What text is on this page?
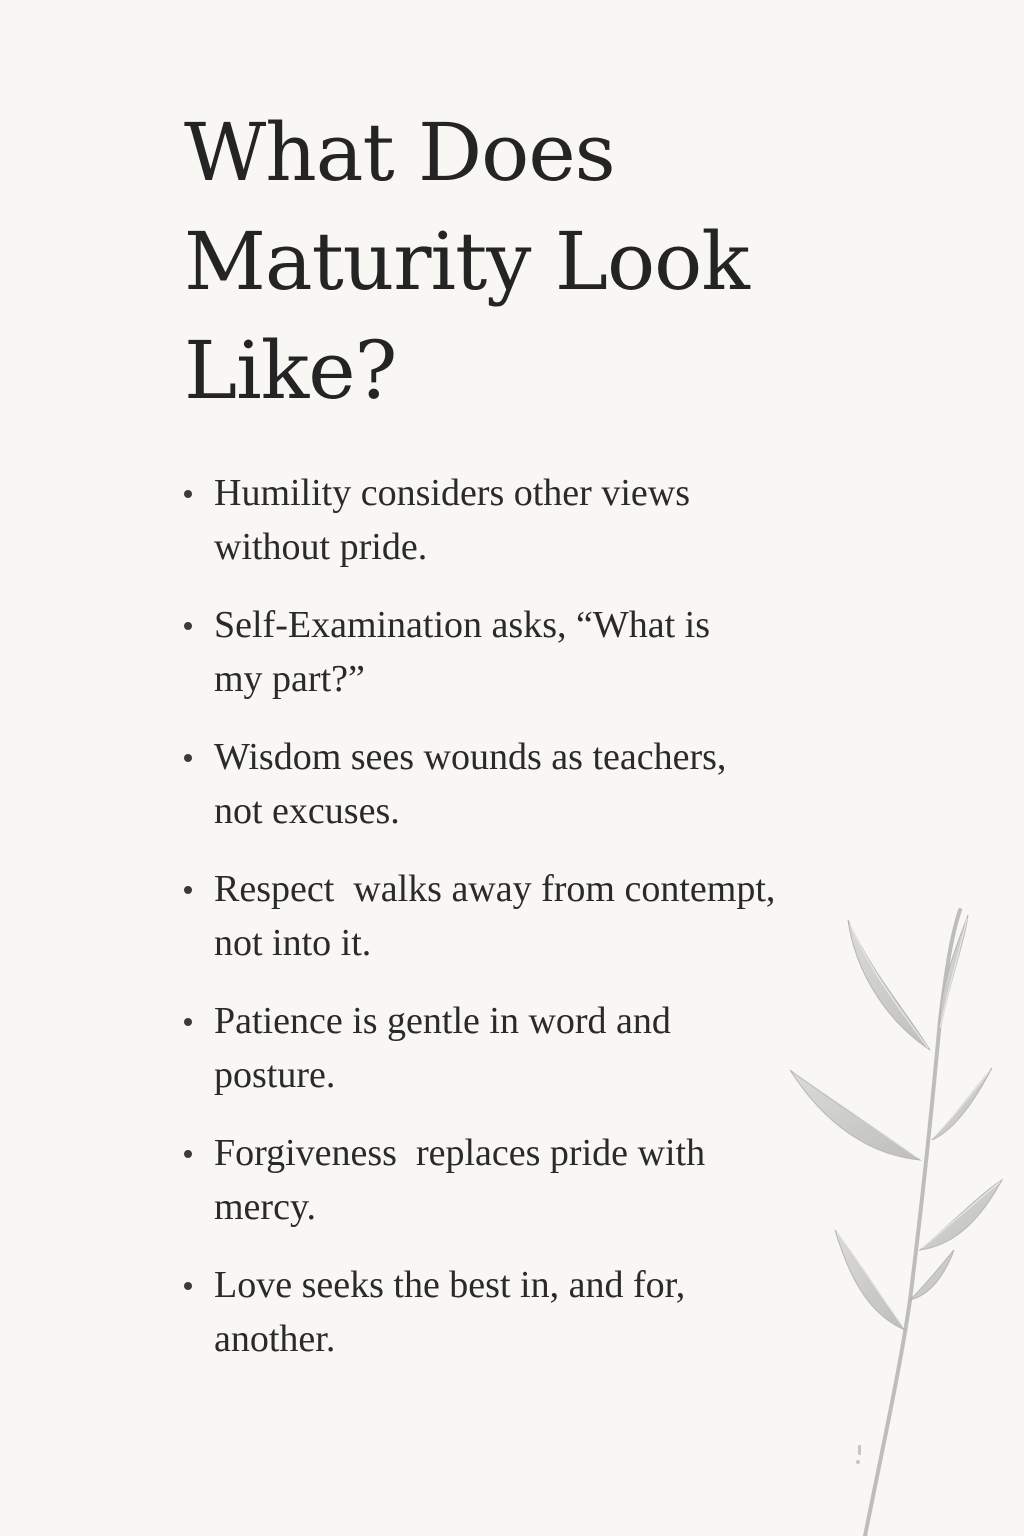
What Does
Maturity Look
Like?
Humility considers other views
without pride.
Self-Examination asks, “What is
my part?”
Wisdom sees wounds as teachers,
not excuses.
Respect  walks away from contempt,
not into it.
Patience is gentle in word and
posture.
Forgiveness  replaces pride with
mercy.
Love seeks the best in, and for,
another.
